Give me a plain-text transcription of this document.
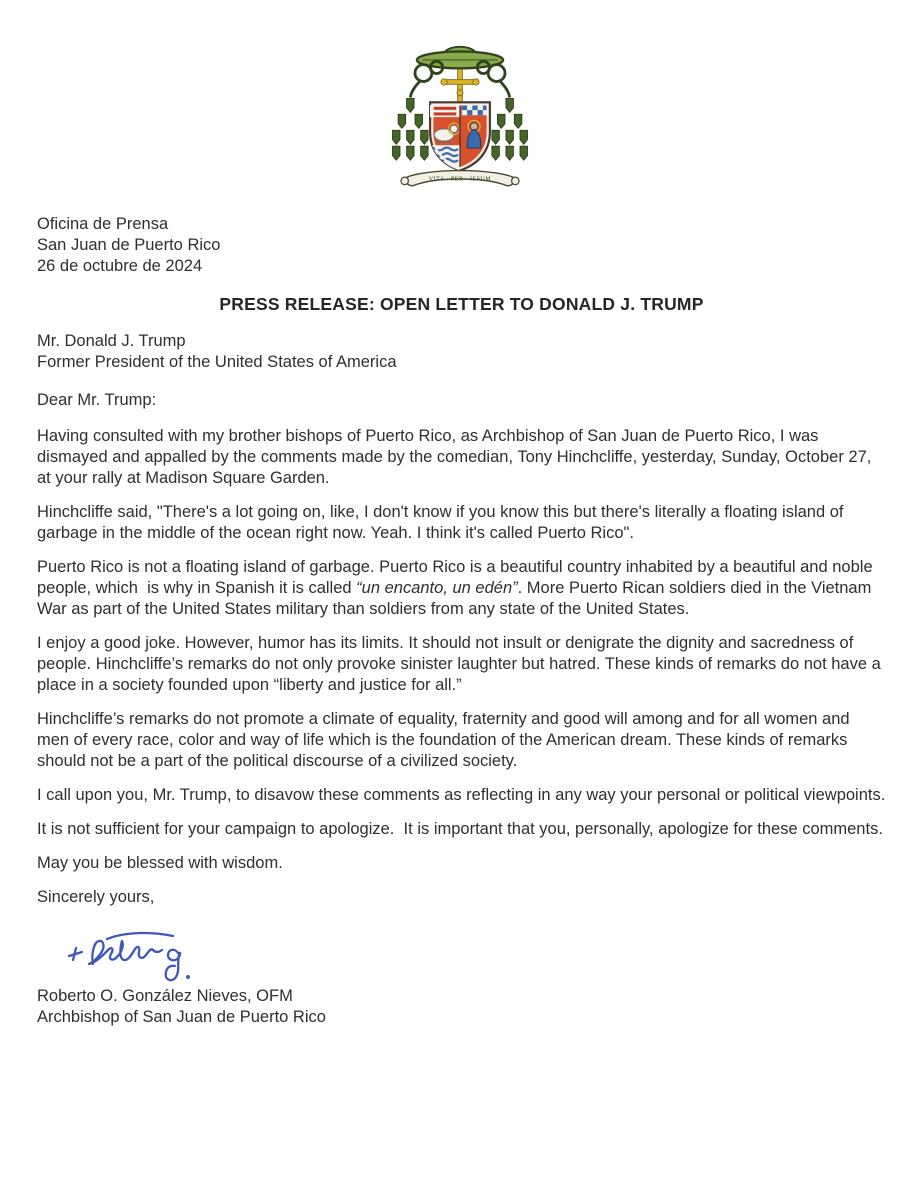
VITA · PER · IESUM
Oficina de Prensa
San Juan de Puerto Rico
26 de octubre de 2024
PRESS RELEASE: OPEN LETTER TO DONALD J. TRUMP
Mr. Donald J. Trump
Former President of the United States of America
Dear Mr. Trump:

Having consulted with my brother bishops of Puerto Rico, as Archbishop of San Juan de Puerto Rico, I was dismayed and appalled by the comments made by the comedian, Tony Hinchcliffe, yesterday, Sunday, October 27, at your rally at Madison Square Garden.

Hinchcliffe said, "There's a lot going on, like, I don't know if you know this but there's literally a floating island of garbage in the middle of the ocean right now. Yeah. I think it's called Puerto Rico".

Puerto Rico is not a floating island of garbage. Puerto Rico is a beautiful country inhabited by a beautiful and noble people, which  is why in Spanish it is called “un encanto, un edén”. More Puerto Rican soldiers died in the Vietnam War as part of the United States military than soldiers from any state of the United States.

I enjoy a good joke. However, humor has its limits. It should not insult or denigrate the dignity and sacredness of people. Hinchcliffe’s remarks do not only provoke sinister laughter but hatred. These kinds of remarks do not have a place in a society founded upon “liberty and justice for all.”

Hinchcliffe’s remarks do not promote a climate of equality, fraternity and good will among and for all women and men of every race, color and way of life which is the foundation of the American dream. These kinds of remarks should not be a part of the political discourse of a civilized society.

I call upon you, Mr. Trump, to disavow these comments as reflecting in any way your personal or political viewpoints.

It is not sufficient for your campaign to apologize.  It is important that you, personally, apologize for these comments.

May you be blessed with wisdom.

Sincerely yours,
Roberto O. González Nieves, OFM
Archbishop of San Juan de Puerto Rico
